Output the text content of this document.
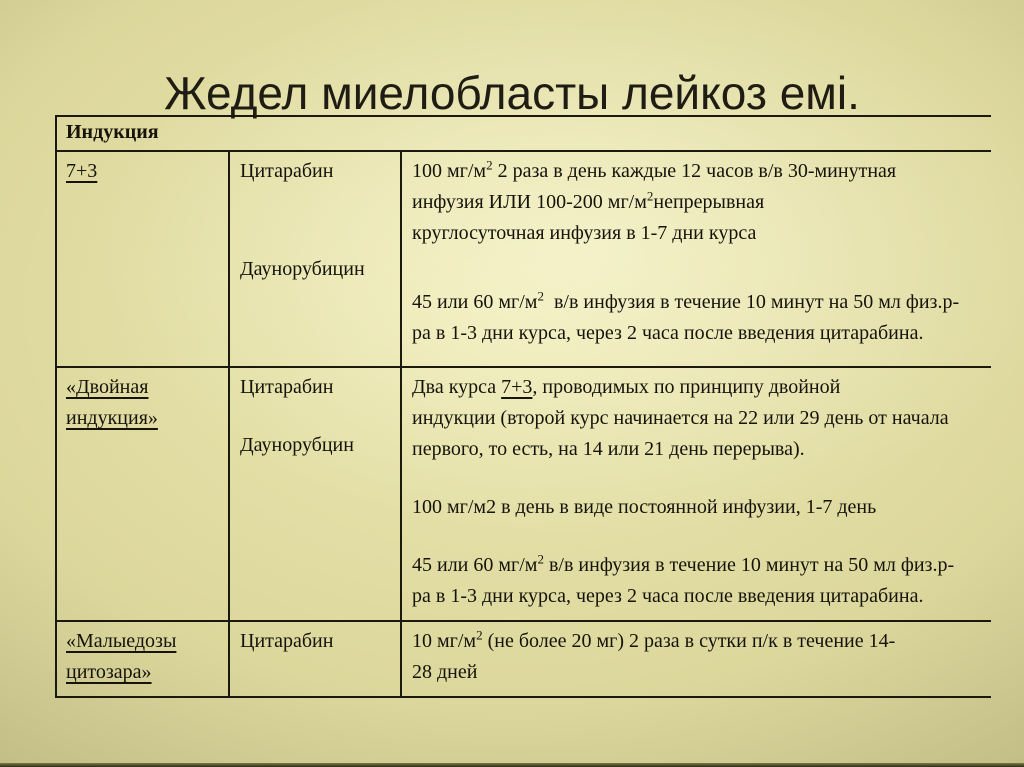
Жедел миелобласты лейкоз емі.
Индукция
7+3	Цитарабин
Даунорубицин

100 $мг/м^2$ 2 раза в день каждые 12 часов в/в 30-минутная
инфузия ИЛИ 100-200 $мг/м^2непрерывная$
круглосуточная инфузия в 1-7 дни курса

45 или 60 $мг/м^2$  в/в инфузия в течение 10 минут на 50 мл физ.р-
ра в 1-3 дни курса, через 2 часа после введения цитарабина.

«Двойная
индукция»
Цитарабин
Даунорубцин

Два курса 7+3, проводимых по принципу двойной
индукции (второй курс начинается на 22 или 29 день от начала
первого, то есть, на 14 или 21 день перерыва).

100 мг/м2 в день в виде постоянной инфузии, 1-7 день

45 или 60 $мг/м^2$ в/в инфузия в течение 10 минут на 50 мл физ.р-
ра в 1-3 дни курса, через 2 часа после введения цитарабина.

«Малыедозы
цитозара»
Цитарабин	10 $мг/м^2$ (не более 20 мг) 2 раза в сутки п/к в течение 14-
28 дней
